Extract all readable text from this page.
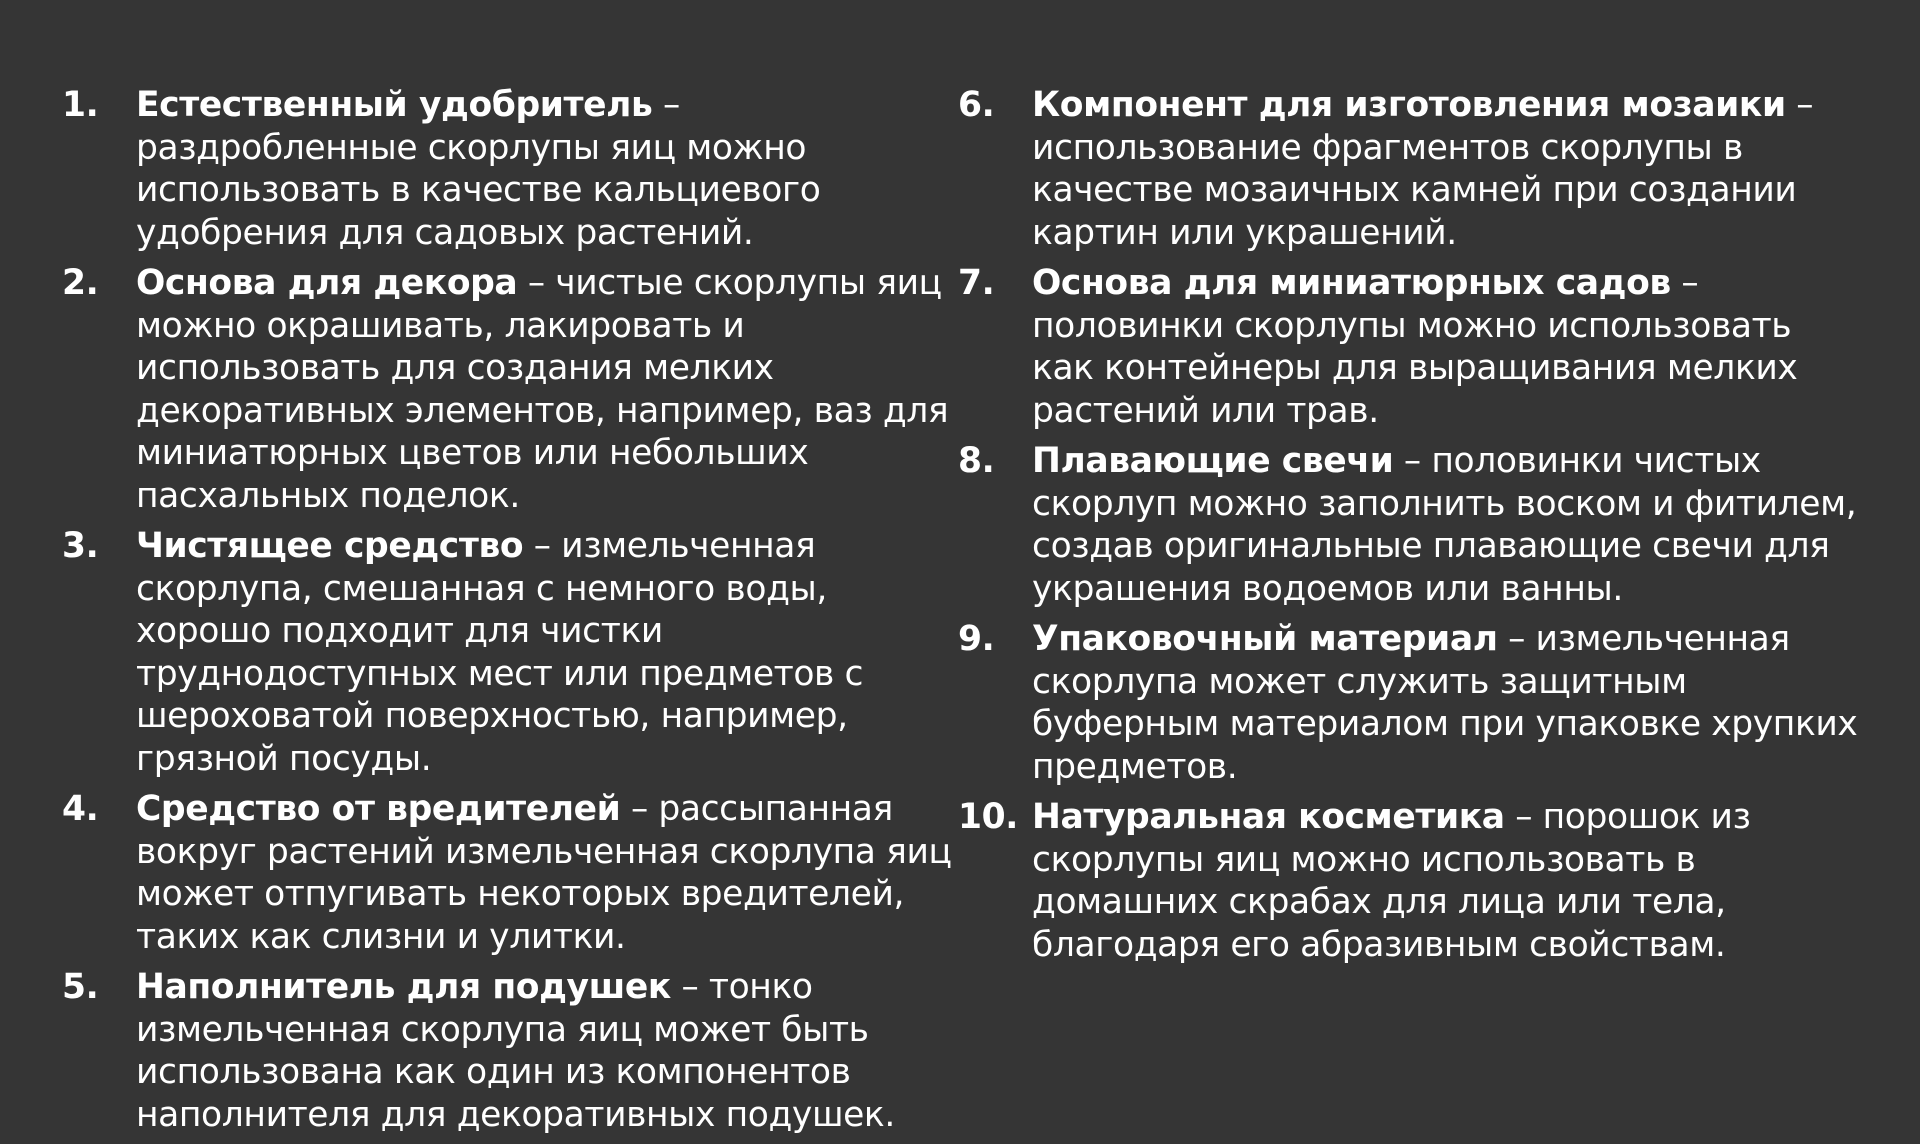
1.	Естественный удобритель – раздробленные скорлупы яиц можно использовать в качестве кальциевого удобрения для садовых растений.

2.	Основа для декора – чистые скорлупы яиц можно окрашивать, лакировать и использовать для создания мелких декоративных элементов, например, ваз для миниатюрных цветов или небольших пасхальных поделок.

3.	Чистящее средство – измельченная скорлупа, смешанная с немного воды, хорошо подходит для чистки труднодоступных мест или предметов с шероховатой поверхностью, например, грязной посуды.

4.	Средство от вредителей – рассыпанная вокруг растений измельченная скорлупа яиц может отпугивать некоторых вредителей, таких как слизни и улитки.

5.	Наполнитель для подушек – тонко измельченная скорлупа яиц может быть использована как один из компонентов наполнителя для декоративных подушек.

6.	Компонент для изготовления мозаики – использование фрагментов скорлупы в качестве мозаичных камней при создании картин или украшений.

7.	Основа для миниатюрных садов – половинки скорлупы можно использовать как контейнеры для выращивания мелких растений или трав.

8.	Плавающие свечи – половинки чистых скорлуп можно заполнить воском и фитилем, создав оригинальные плавающие свечи для украшения водоемов или ванны.

9.	Упаковочный материал – измельченная скорлупа может служить защитным буферным материалом при упаковке хрупких предметов.

10. Натуральная косметика – порошок из скорлупы яиц можно использовать в домашних скрабах для лица или тела, благодаря его абразивным свойствам.
